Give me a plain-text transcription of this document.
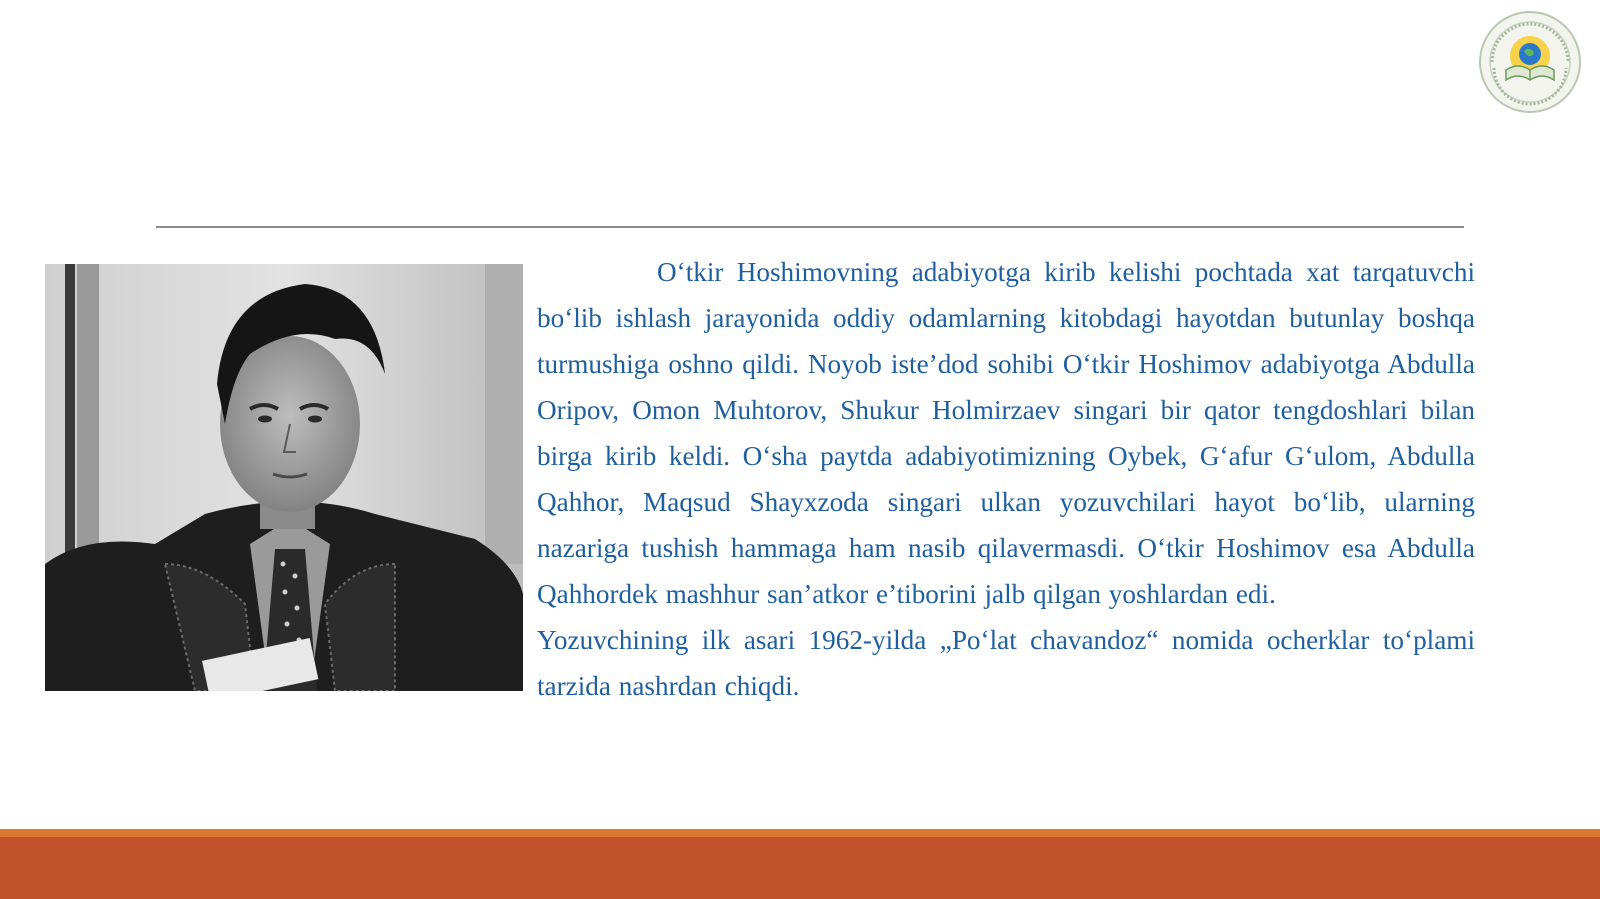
O‘tkir Hoshimovning adabiyotga kirib kelishi pochtada xat tarqatuvchi bo‘lib ishlash jarayonida oddiy odamlarning kitobdagi hayotdan butunlay boshqa turmushiga oshno qildi. Noyob iste’dod sohibi O‘tkir Hoshimov adabiyotga Abdulla Oripov, Omon Muhtorov, Shukur Holmirzaev singari bir qator tengdoshlari bilan birga kirib keldi. O‘sha paytda adabiyotimizning Oybek, G‘afur G‘ulom, Abdulla Qahhor, Maqsud Shayxzoda singari ulkan yozuvchilari hayot bo‘lib, ularning nazariga tushish hammaga ham nasib qilavermasdi. O‘tkir Hoshimov esa Abdulla Qahhordek mashhur san’atkor e’tiborini jalb qilgan yoshlardan edi.

Yozuvchining ilk asari 1962-yilda „Po‘lat chavandoz“ nomida ocherklar to‘plami tarzida nashrdan chiqdi.
